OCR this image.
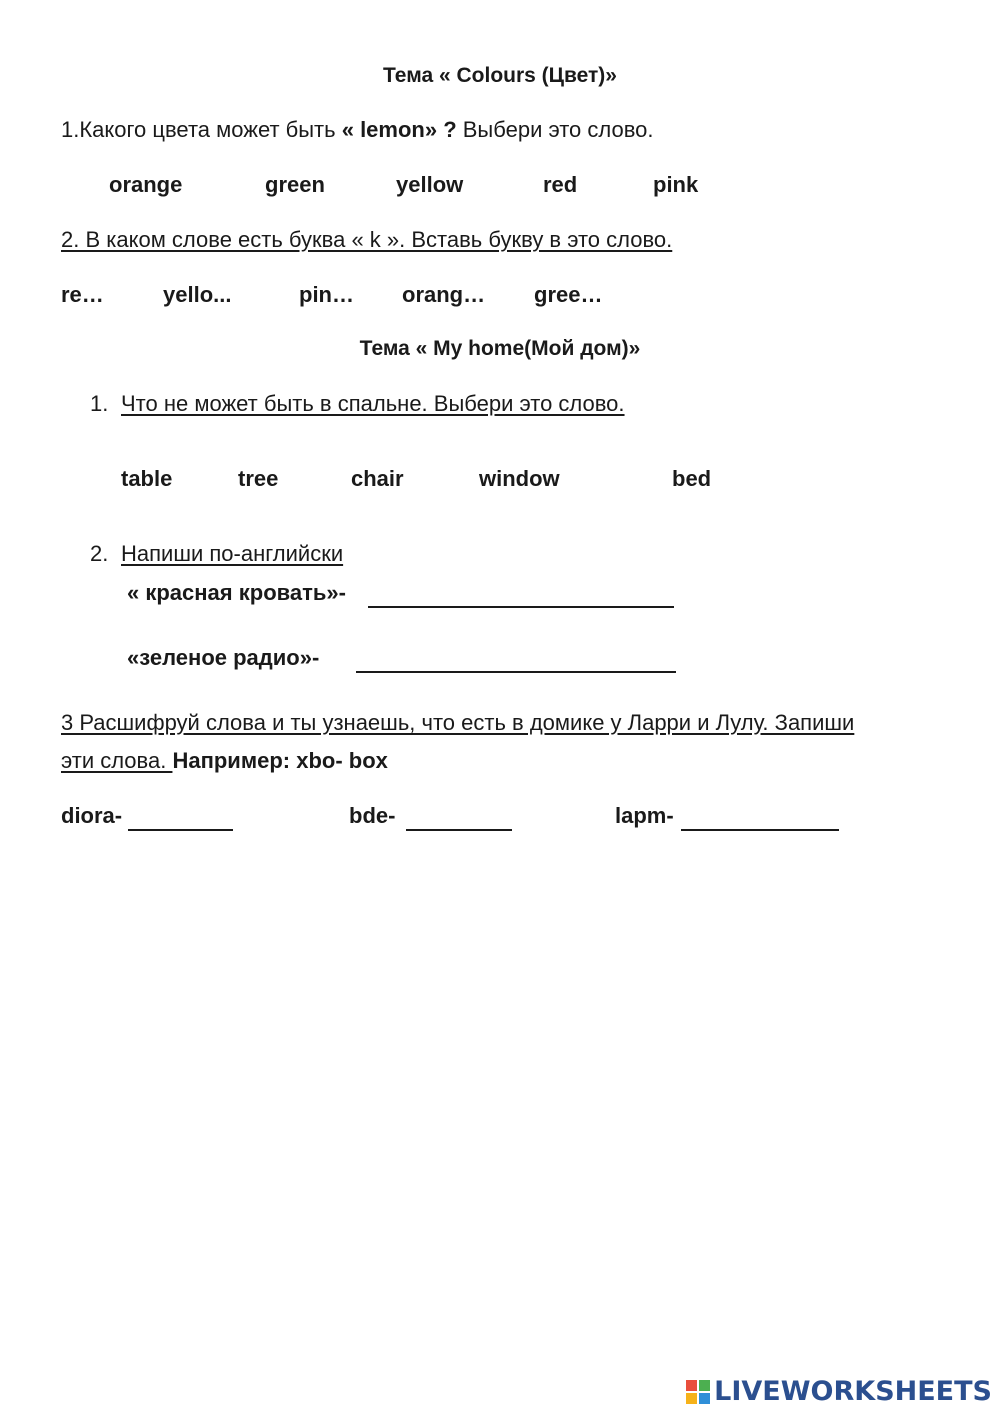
Тема « Colours (Цвет)»
1.Какого цвета может быть « lemon» ? Выбери это слово.
orange	green	yellow	red	pink
2. В каком слове есть буква « k ». Вставь букву в это слово.
re…	yello...	pin… orang… gree…
Тема « My home(Мой дом)»
1. Что не может быть в спальне. Выбери это слово.
table	tree	chair	window	bed
2. Напиши по-английски
« красная кровать»-
«зеленое радио»-
3 Расшифруй слова и ты узнаешь, что есть в домике у Ларри и Лулу. Запиши
эти слова. Например: xbo- box
diora-	bde-	lapm-
LIVEWORKSHEETS
